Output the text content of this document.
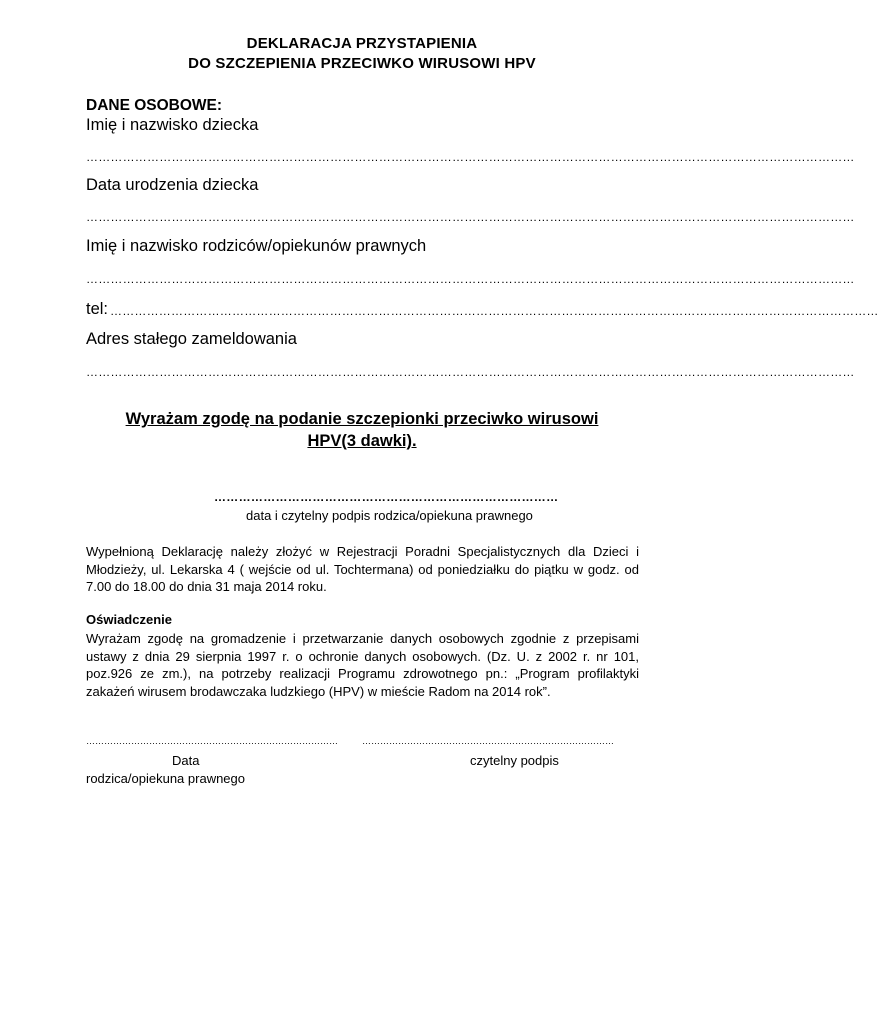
DEKLARACJA PRZYSTAPIENIA
DO SZCZEPIENIA PRZECIWKO WIRUSOWI HPV
DANE OSOBOWE:
Imię i nazwisko dziecka
………………………………………………………………………………………………………………………………………………………………………
Data urodzenia dziecka
………………………………………………………………………………………………………………………………………………………………………
Imię i nazwisko rodziców/opiekunów prawnych
………………………………………………………………………………………………………………………………………………………………………
tel: ………………………………………………………………………………………………………………………………………………………………………
Adres stałego zameldowania
………………………………………………………………………………………………………………………………………………………………………
Wyrażam zgodę na podanie szczepionki przeciwko wirusowi HPV(3 dawki).
…………………………………………………………………………
data i czytelny podpis rodzica/opiekuna prawnego
Wypełnioną Deklarację należy złożyć w Rejestracji Poradni Specjalistycznych dla Dzieci i Młodzieży, ul. Lekarska 4 ( wejście od ul. Tochtermana) od poniedziałku do piątku w godz. od 7.00 do 18.00 do dnia 31 maja 2014 roku.
Oświadczenie
Wyrażam zgodę na gromadzenie i przetwarzanie danych osobowych zgodnie z przepisami ustawy z dnia 29 sierpnia 1997 r. o ochronie danych osobowych. (Dz. U. z 2002 r. nr 101, poz.926 ze zm.), na potrzeby realizacji Programu zdrowotnego pn.: „Program profilaktyki zakażeń wirusem brodawczaka ludzkiego (HPV) w mieście Radom na 2014 rok”.
…………………………………………………………………………	…………………………………………………………………………
Data	czytelny podpis
rodzica/opiekuna prawnego
